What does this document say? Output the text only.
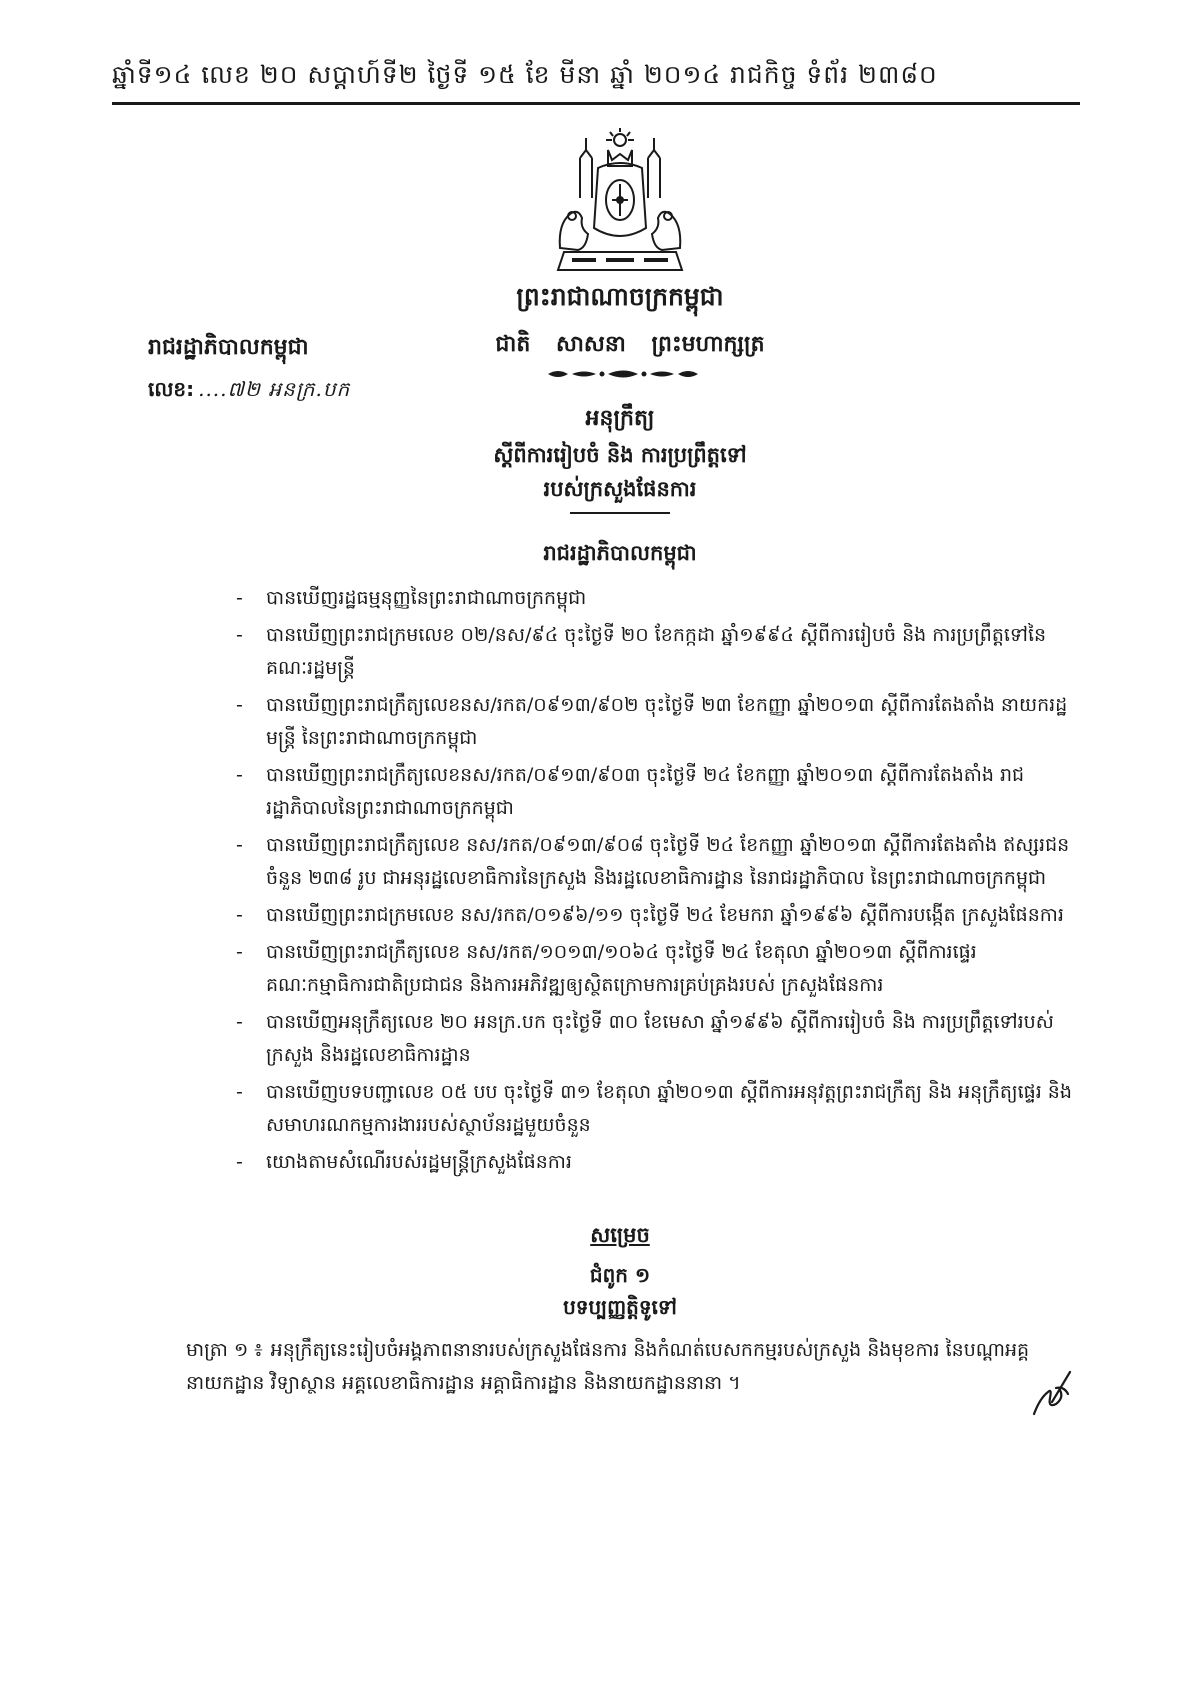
ឆ្នាំទី១៤ លេខ ២០ សប្តាហ៍ទី២ ថ្ងៃទី ១៥ ខែ មីនា ឆ្នាំ ២០១៤ រាជកិច្ច ទំព័រ ២៣៨០
ព្រះរាជាណាចក្រកម្ពុជា
រាជរដ្ឋាភិបាលកម្ពុជា	ជាតិ សាសនា ព្រះមហាក្សត្រ
លេខ: ....៧២ អនក្រ.បក
អនុក្រឹត្យ
ស្តីពីការរៀបចំ និង ការប្រព្រឹត្តទៅ
របស់ក្រសួងផែនការ
រាជរដ្ឋាភិបាលកម្ពុជា
- បានឃើញរដ្ឋធម្មនុញ្ញនៃព្រះរាជាណាចក្រកម្ពុជា
- បានឃើញព្រះរាជក្រមលេខ ០២/នស/៩៤ ចុះថ្ងៃទី ២០ ខែកក្កដា ឆ្នាំ១៩៩៤ ស្តីពីការរៀបចំ និង ការប្រព្រឹត្តទៅនៃគណៈរដ្ឋមន្ត្រី
- បានឃើញព្រះរាជក្រឹត្យលេខនស/រកត/០៩១៣/៩០២ ចុះថ្ងៃទី ២៣ ខែកញ្ញា ឆ្នាំ២០១៣ ស្តីពីការតែងតាំង នាយករដ្ឋមន្ត្រី នៃព្រះរាជាណាចក្រកម្ពុជា
- បានឃើញព្រះរាជក្រឹត្យលេខនស/រកត/០៩១៣/៩០៣ ចុះថ្ងៃទី ២៤ ខែកញ្ញា ឆ្នាំ២០១៣ ស្តីពីការតែងតាំង រាជរដ្ឋាភិបាលនៃព្រះរាជាណាចក្រកម្ពុជា
- បានឃើញព្រះរាជក្រឹត្យលេខ នស/រកត/០៩១៣/៩០៨ ចុះថ្ងៃទី ២៤ ខែកញ្ញា ឆ្នាំ២០១៣ ស្តីពីការតែងតាំង ឥស្សរជនចំនួន ២៣៨ រូប ជាអនុរដ្ឋលេខាធិការនៃក្រសួង និងរដ្ឋលេខាធិការដ្ឋាន នៃរាជរដ្ឋាភិបាល នៃព្រះរាជាណាចក្រកម្ពុជា
- បានឃើញព្រះរាជក្រមលេខ នស/រកត/០១៩៦/១១ ចុះថ្ងៃទី ២៤ ខែមករា ឆ្នាំ១៩៩៦ ស្តីពីការបង្កើត ក្រសួងផែនការ
- បានឃើញព្រះរាជក្រឹត្យលេខ នស/រកត/១០១៣/១០៦៤ ចុះថ្ងៃទី ២៤ ខែតុលា ឆ្នាំ២០១៣ ស្តីពីការផ្ទេរគណៈកម្មាធិការជាតិប្រជាជន និងការអភិវឌ្ឍឲ្យស្ថិតក្រោមការគ្រប់គ្រងរបស់ ក្រសួងផែនការ
- បានឃើញអនុក្រឹត្យលេខ ២០ អនក្រ.បក ចុះថ្ងៃទី ៣០ ខែមេសា ឆ្នាំ១៩៩៦ ស្តីពីការរៀបចំ និង ការប្រព្រឹត្តទៅរបស់ក្រសួង និងរដ្ឋលេខាធិការដ្ឋាន
- បានឃើញបទបញ្ជាលេខ ០៥ បប ចុះថ្ងៃទី ៣១ ខែតុលា ឆ្នាំ២០១៣ ស្តីពីការអនុវត្តព្រះរាជក្រឹត្យ និង អនុក្រឹត្យផ្ទេរ និងសមាហរណកម្មការងាររបស់ស្ថាប័នរដ្ឋមួយចំនួន
- យោងតាមសំណើរបស់រដ្ឋមន្ត្រីក្រសួងផែនការ
សម្រេច
ជំពូក ១
បទប្បញ្ញត្តិទូទៅ
មាត្រា ១ ៖ អនុក្រឹត្យនេះរៀបចំអង្គភាពនានារបស់ក្រសួងផែនការ និងកំណត់បេសកកម្មរបស់ក្រសួង និងមុខការ នៃបណ្តាអគ្គនាយកដ្ឋាន វិទ្យាស្ថាន អគ្គលេខាធិការដ្ឋាន អគ្គាធិការដ្ឋាន និងនាយកដ្ឋាននានា ។
